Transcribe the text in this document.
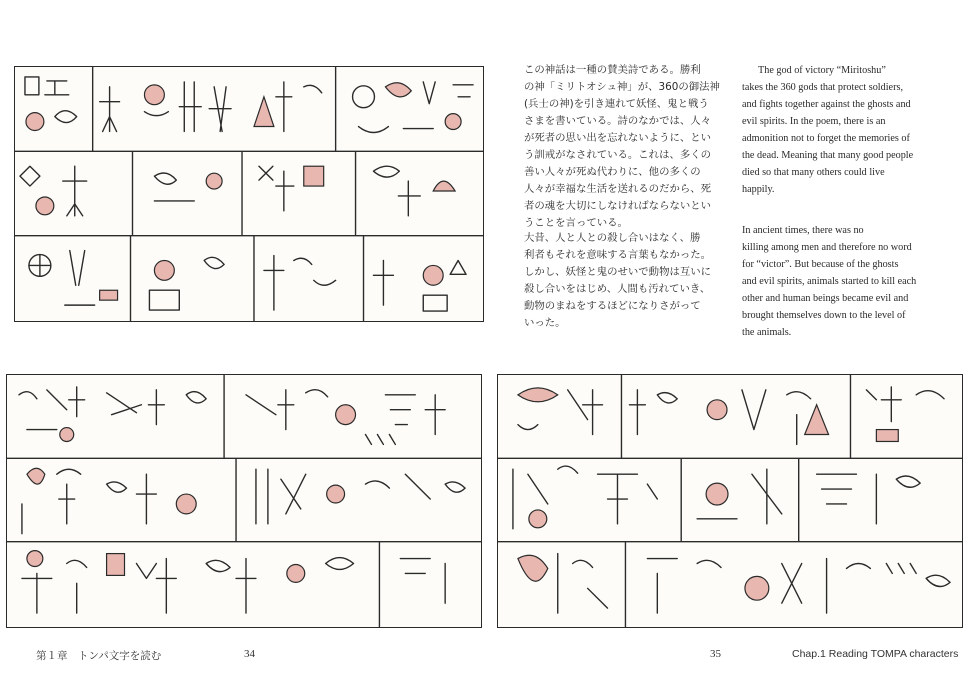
この神話は一種の賛美詩である。勝利
の神「ミリトオシュ神」が、360の御法神
(兵士の神)を引き連れて妖怪、鬼と戦う
さまを書いている。詩のなかでは、人々
が死者の思い出を忘れないように、とい
う訓戒がなされている。これは、多くの
善い人々が死ぬ代わりに、他の多くの
人々が幸福な生活を送れるのだから、死
者の魂を大切にしなければならないとい
うことを言っている。
大昔、人と人との殺し合いはなく、勝
利者もそれを意味する言葉もなかった。
しかし、妖怪と鬼のせいで動物は互いに
殺し合いをはじめ、人間も汚れていき、
動物のまねをするほどになりさがって
いった。
The god of victory “Miritoshu”
takes the 360 gods that protect soldiers,
and fights together against the ghosts and
evil spirits. In the poem, there is an
admonition not to forget the memories of
the dead. Meaning that many good people
died so that many others could live
happily.
In ancient times, there was no
killing among men and therefore no word
for “victor”. But because of the ghosts
and evil spirits, animals started to kill each
other and human beings became evil and
brought themselves down to the level of
the animals.
第１章　トンパ文字を読む	34	35	Chap.1 Reading TOMPA characters
